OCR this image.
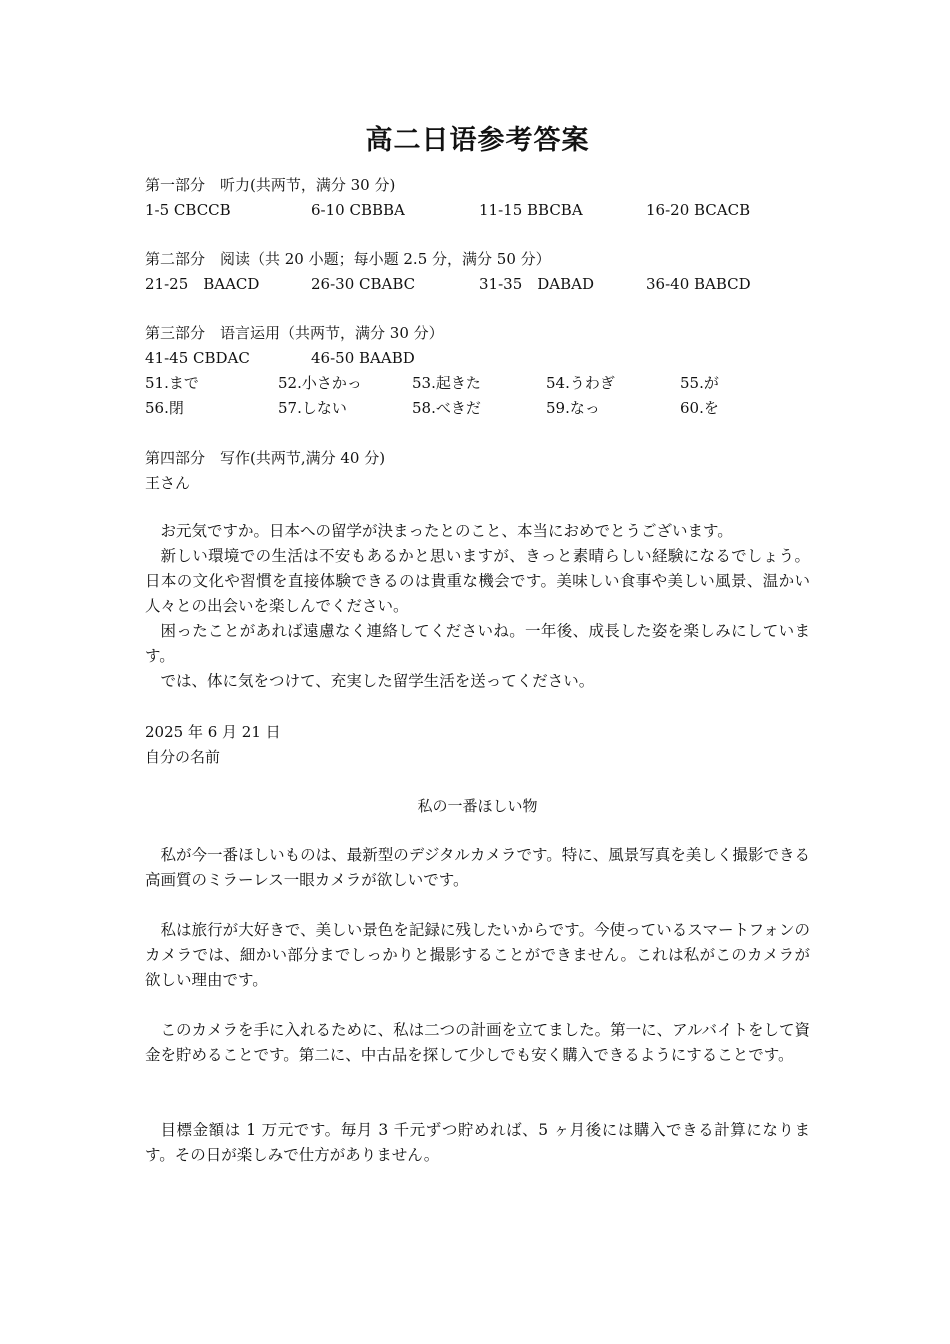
高二日语参考答案
第一部分　听力(共两节，满分 30 分)
1-5 CBCCB	6-10 CBBBA	11-15 BBCBA	16-20 BCACB
第二部分　阅读（共 20 小题；每小题 2.5 分，满分 50 分）
21-25　BAACD	26-30 CBABC	31-35　DABAD	36-40 BABCD
第三部分　语言运用（共两节，满分 30 分）
41-45 CBDAC	46-50 BAABD
51.まで	52.小さかっ	53.起きた	54.うわぎ	55.が
56.閉	57.しない	58.べきだ	59.なっ	60.を
第四部分　写作(共两节,满分 40 分)
王さん
お元気ですか。日本への留学が決まったとのこと、本当におめでとうございます。
新しい環境での生活は不安もあるかと思いますが、きっと素晴らしい経験になるでしょう。日本の文化や習慣を直接体験できるのは貴重な機会です。美味しい食事や美しい風景、温かい人々との出会いを楽しんでください。
困ったことがあれば遠慮なく連絡してくださいね。一年後、成長した姿を楽しみにしています。
では、体に気をつけて、充実した留学生活を送ってください。
2025 年 6 月 21 日
自分の名前
私の一番ほしい物
私が今一番ほしいものは、最新型のデジタルカメラです。特に、風景写真を美しく撮影できる高画質のミラーレス一眼カメラが欲しいです。
私は旅行が大好きで、美しい景色を記録に残したいからです。今使っているスマートフォンのカメラでは、細かい部分までしっかりと撮影することができません。これは私がこのカメラが欲しい理由です。
このカメラを手に入れるために、私は二つの計画を立てました。第一に、アルバイトをして資金を貯めることです。第二に、中古品を探して少しでも安く購入できるようにすることです。
目標金額は 1 万元です。毎月 3 千元ずつ貯めれば、5 ヶ月後には購入できる計算になります。その日が楽しみで仕方がありません。
